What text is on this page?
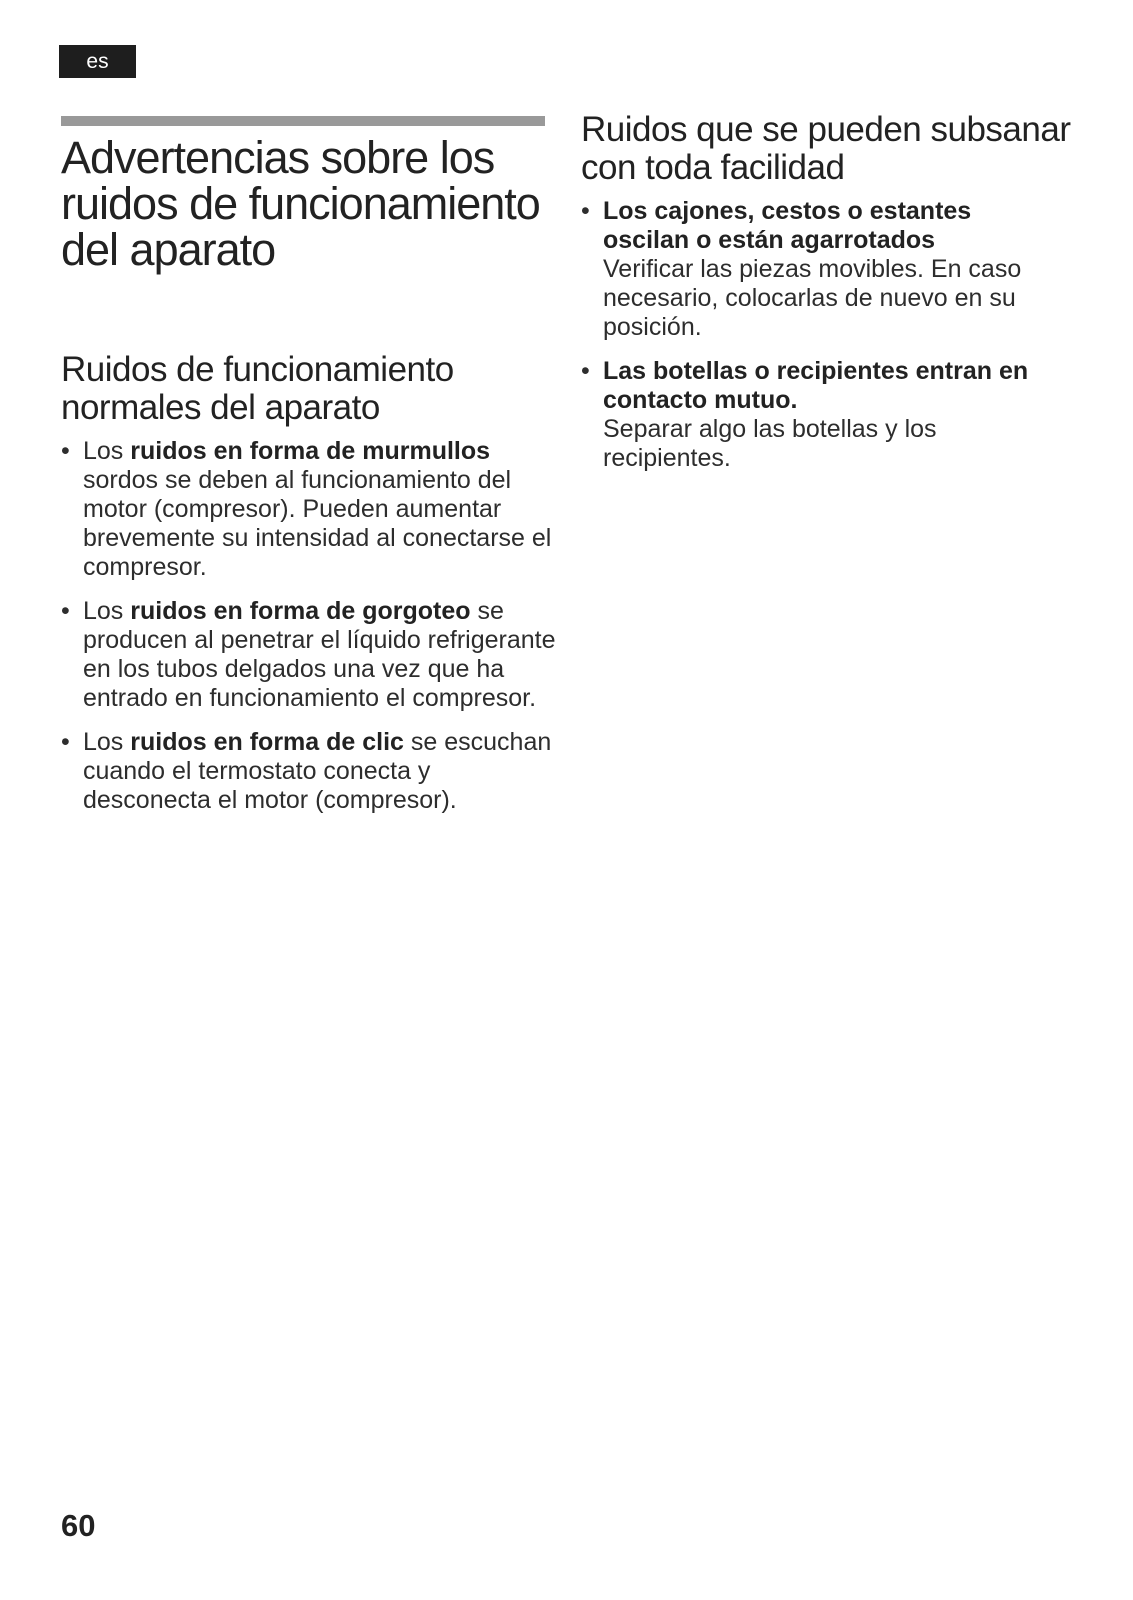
es
Advertencias sobre los ruidos de funcionamiento del aparato
Ruidos de funcionamiento normales del aparato
• Los ruidos en forma de murmullos sordos se deben al funcionamiento del motor (compresor). Pueden aumentar brevemente su intensidad al conectarse el compresor.
• Los ruidos en forma de gorgoteo se producen al penetrar el líquido refrigerante en los tubos delgados una vez que ha entrado en funcionamiento el compresor.
• Los ruidos en forma de clic se escuchan cuando el termostato conecta y desconecta el motor (compresor).
Ruidos que se pueden subsanar con toda facilidad
• Los cajones, cestos o estantes oscilan o están agarrotados
Verificar las piezas movibles. En caso necesario, colocarlas de nuevo en su posición.
• Las botellas o recipientes entran en contacto mutuo.
Separar algo las botellas y los recipientes.
60
